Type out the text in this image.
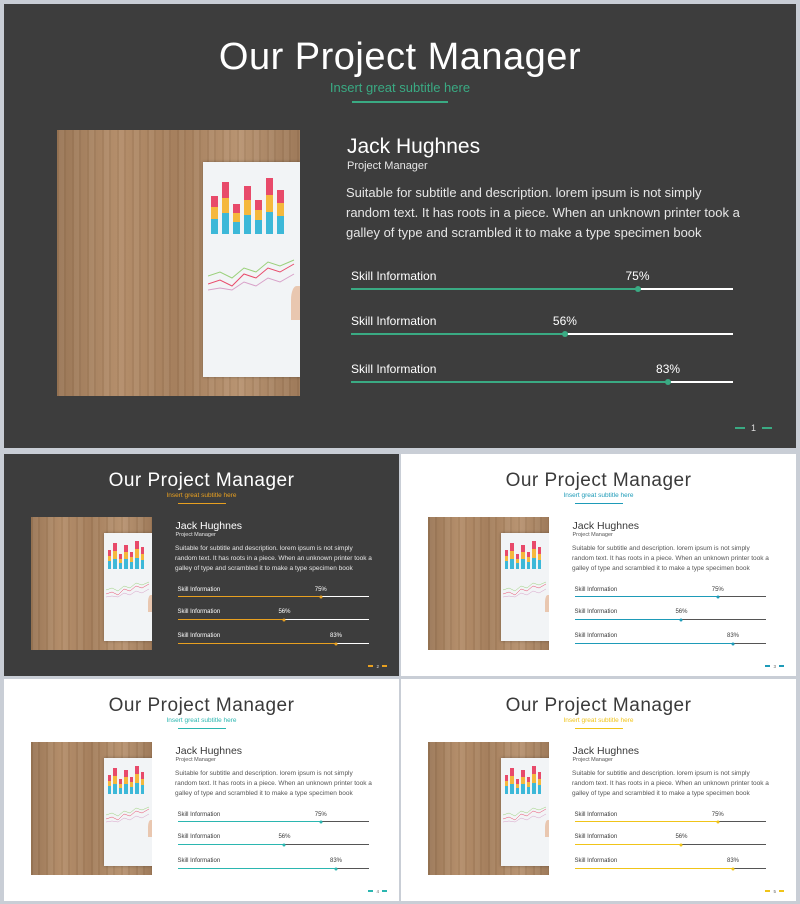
Our Project Manager
Insert great subtitle here
Jack Hughnes
Project Manager
Suitable for subtitle and description. lorem ipsum is not simply random text. It has roots in a piece. When an unknown printer took a galley of type and scrambled it to make a type specimen book
Skill Information	75%
Skill Information	56%
Skill Information	83%
1
Our Project Manager
Insert great subtitle here
Jack Hughnes
Project Manager
Suitable for subtitle and description. lorem ipsum is not simply random text. It has roots in a piece. When an unknown printer took a galley of type and scrambled it to make a type specimen book
Skill Information	75%
Skill Information	56%
Skill Information	83%
2
Our Project Manager
Insert great subtitle here
Jack Hughnes
Project Manager
Suitable for subtitle and description. lorem ipsum is not simply random text. It has roots in a piece. When an unknown printer took a galley of type and scrambled it to make a type specimen book
Skill Information	75%
Skill Information	56%
Skill Information	83%
3
Our Project Manager
Insert great subtitle here
Jack Hughnes
Project Manager
Suitable for subtitle and description. lorem ipsum is not simply random text. It has roots in a piece. When an unknown printer took a galley of type and scrambled it to make a type specimen book
Skill Information	75%
Skill Information	56%
Skill Information	83%
4
Our Project Manager
Insert great subtitle here
Jack Hughnes
Project Manager
Suitable for subtitle and description. lorem ipsum is not simply random text. It has roots in a piece. When an unknown printer took a galley of type and scrambled it to make a type specimen book
Skill Information	75%
Skill Information	56%
Skill Information	83%
5
